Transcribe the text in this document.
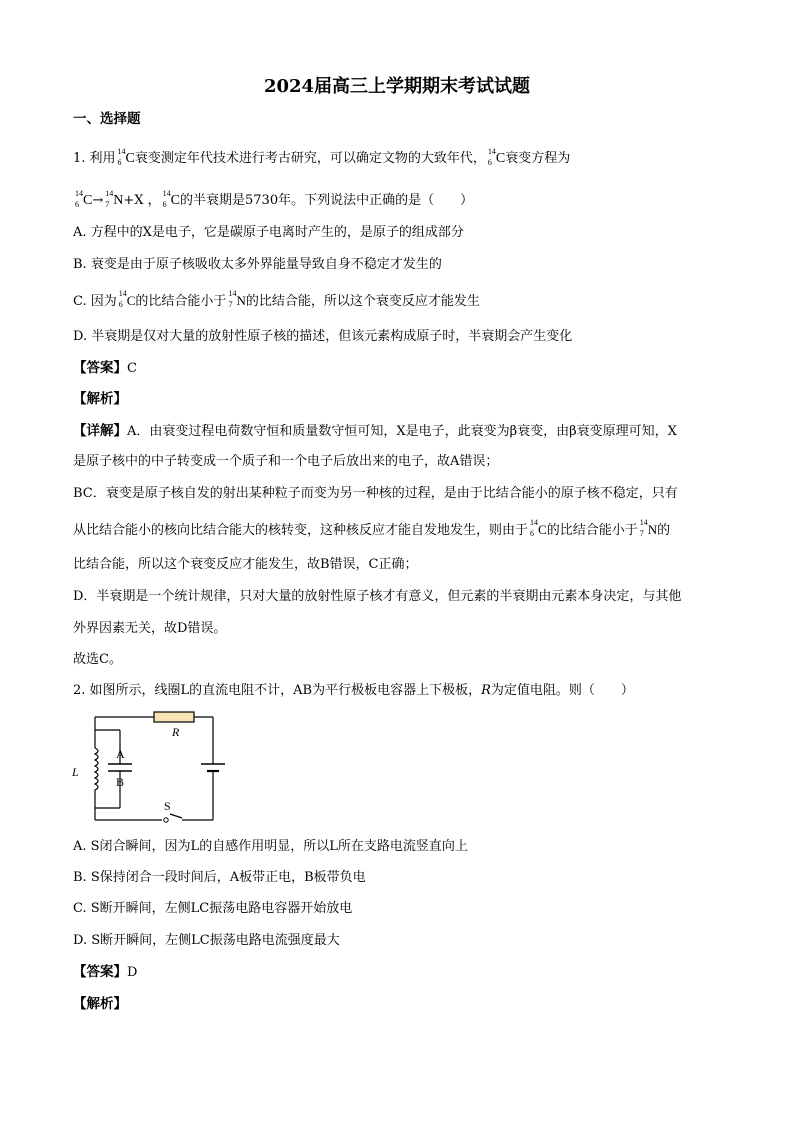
2024届高三上学期期末考试试题
一、选择题
1. 利用 14
6 C衰变测定年代技术进行考古研究，可以确定文物的大致年代， 14
6 C衰变方程为
14
6 C→ 14
7 N+X ， 14
6 C的半衰期是5730年。下列说法中正确的是（　　）
A. 方程中的X是电子，它是碳原子电离时产生的，是原子的组成部分
B. 衰变是由于原子核吸收太多外界能量导致自身不稳定才发生的
C. 因为
14
6 C的比结合能小于
14
7 N的比结合能，所以这个衰变反应才能发生
D. 半衰期是仅对大量的放射性原子核的描述，但该元素构成原子时，半衰期会产生变化
【答案】C
【解析】
【详解】A．由衰变过程电荷数守恒和质量数守恒可知，X是电子，此衰变为β衰变，由β衰变原理可知，X
是原子核中的中子转变成一个质子和一个电子后放出来的电子，故A错误；
BC．衰变是原子核自发的射出某种粒子而变为另一种核的过程，是由于比结合能小的原子核不稳定，只有
从比结合能小的核向比结合能大的核转变，这种核反应才能自发地发生，则由于
14
6 C的比结合能小于
14
7 N的
比结合能，所以这个衰变反应才能发生，故B错误，C正确；
D．半衰期是一个统计规律，只对大量的放射性原子核才有意义，但元素的半衰期由元素本身决定，与其他
外界因素无关，故D错误。
故选C。
2. 如图所示，线圈L的直流电阻不计，AB为平行极板电容器上下极板，R为定值电阻。则（　　）
R
A
B
L
S
A. S闭合瞬间，因为L的自感作用明显，所以L所在支路电流竖直向上
B. S保持闭合一段时间后，A板带正电，B板带负电
C. S断开瞬间，左侧LC振荡电路电容器开始放电
D. S断开瞬间，左侧LC振荡电路电流强度最大
【答案】D
【解析】
